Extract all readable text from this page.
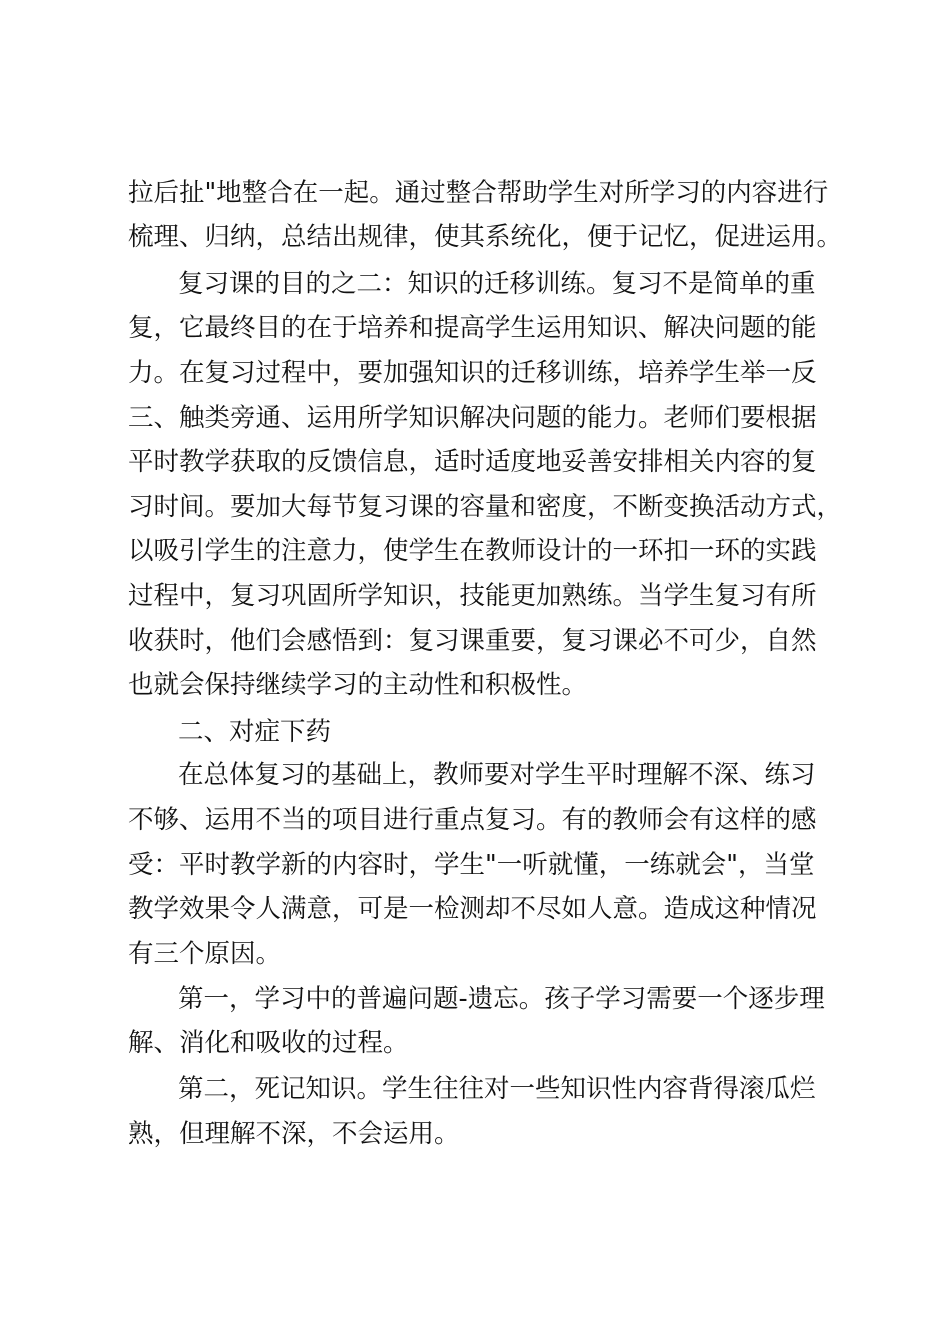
拉后扯"地整合在一起。通过整合帮助学生对所学习的内容进行
梳理、归纳，总结出规律，使其系统化，便于记忆，促进运用。
复习课的目的之二：知识的迁移训练。复习不是简单的重
复，它最终目的在于培养和提高学生运用知识、解决问题的能
力。在复习过程中，要加强知识的迁移训练，培养学生举一反
三、触类旁通、运用所学知识解决问题的能力。老师们要根据
平时教学获取的反馈信息，适时适度地妥善安排相关内容的复
习时间。要加大每节复习课的容量和密度，不断变换活动方式，
以吸引学生的注意力，使学生在教师设计的一环扣一环的实践
过程中，复习巩固所学知识，技能更加熟练。当学生复习有所
收获时，他们会感悟到：复习课重要，复习课必不可少，自然
也就会保持继续学习的主动性和积极性。
二、对症下药
在总体复习的基础上，教师要对学生平时理解不深、练习
不够、运用不当的项目进行重点复习。有的教师会有这样的感
受：平时教学新的内容时，学生"一听就懂，一练就会"，当堂
教学效果令人满意，可是一检测却不尽如人意。造成这种情况
有三个原因。
第一，学习中的普遍问题-遗忘。孩子学习需要一个逐步理
解、消化和吸收的过程。
第二，死记知识。学生往往对一些知识性内容背得滚瓜烂
熟，但理解不深，不会运用。
